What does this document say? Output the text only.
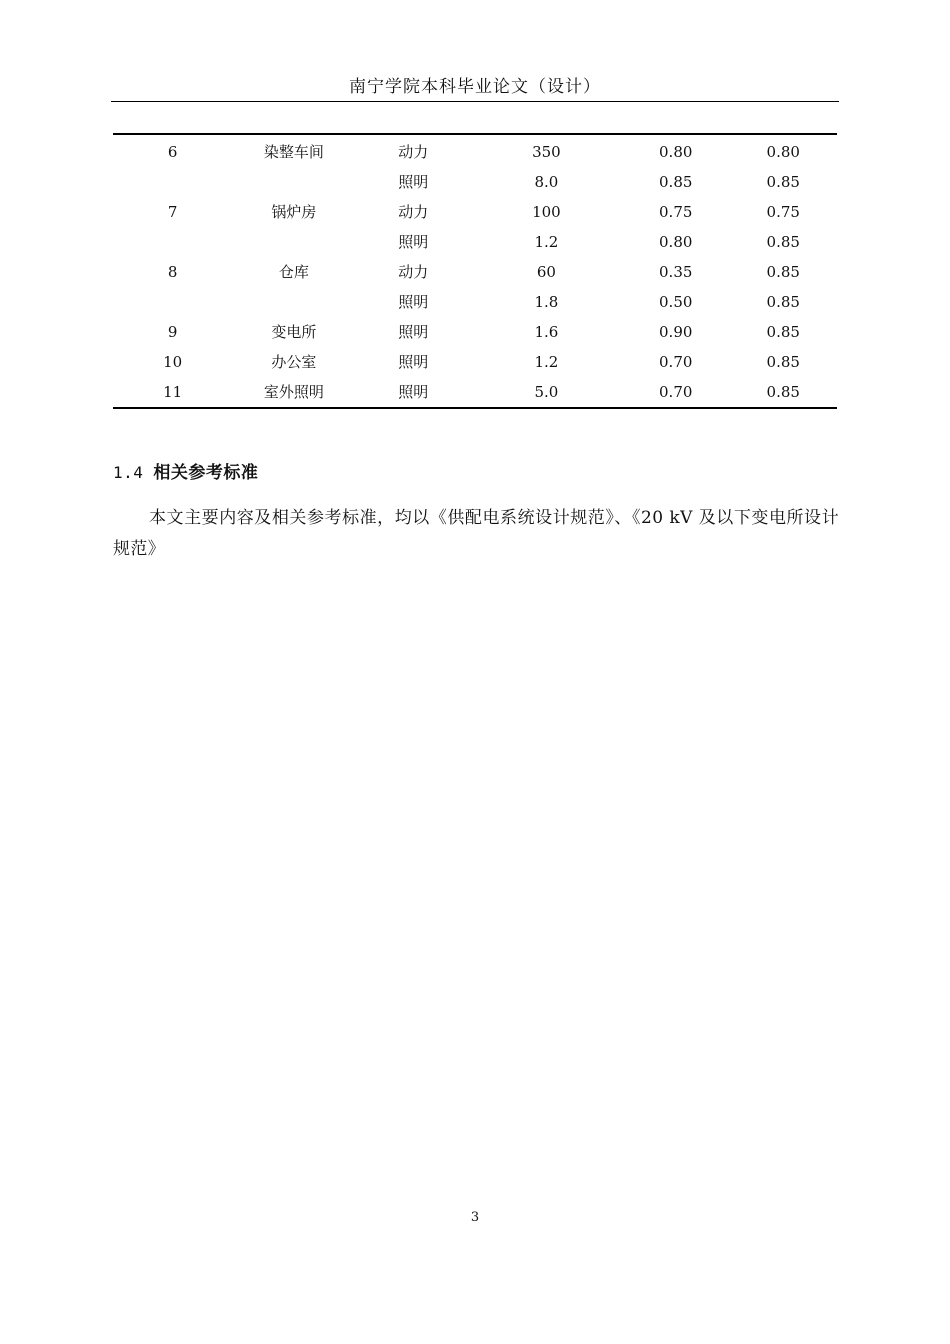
南宁学院本科毕业论文（设计）
6	染整车间	动力	350	0.80	0.80
		照明	8.0	0.85	0.85
7	锅炉房	动力	100	0.75	0.75
		照明	1.2	0.80	0.85
8	仓库	动力	60	0.35	0.85
		照明	1.8	0.50	0.85
9	变电所	照明	1.6	0.90	0.85
10	办公室	照明	1.2	0.70	0.85
11	室外照明	照明	5.0	0.70	0.85
1.4 相关参考标准
本文主要内容及相关参考标准，均以《供配电系统设计规范》、《20 kV 及以下变电所设计规范》
3
